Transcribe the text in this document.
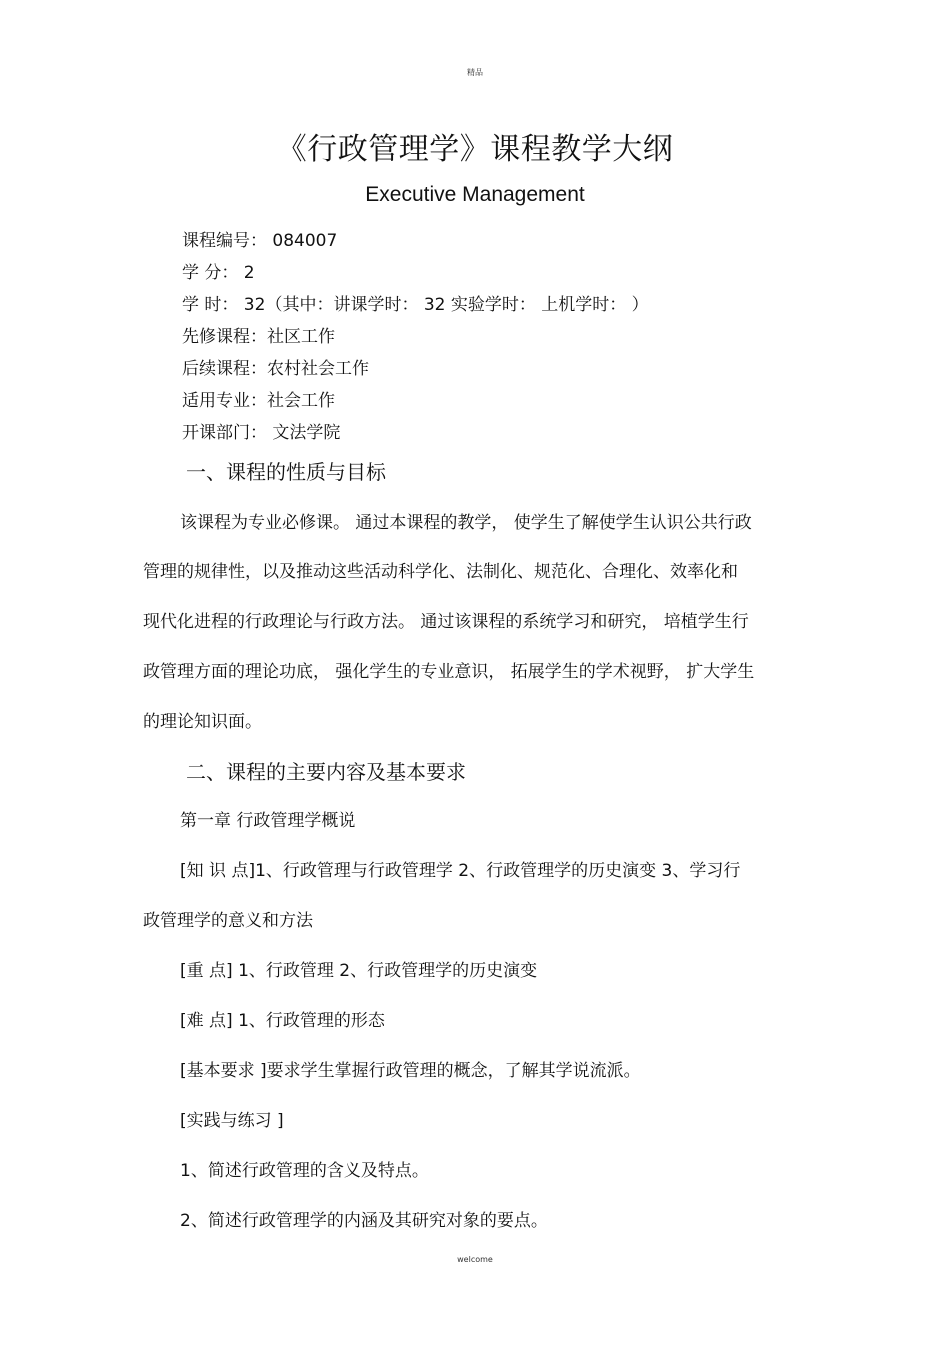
精品
《行政管理学》课程教学大纲
Executive Management
课程编号： 084007
学 分： 2
学 时： 32（其中：讲课学时： 32 实验学时： 上机学时： ）
先修课程：社区工作
后续课程：农村社会工作
适用专业：社会工作
开课部门： 文法学院
一、课程的性质与目标
该课程为专业必修课。 通过本课程的教学， 使学生了解使学生认识公共行政
管理的规律性，以及推动这些活动科学化、法制化、规范化、合理化、效率化和
现代化进程的行政理论与行政方法。 通过该课程的系统学习和研究， 培植学生行
政管理方面的理论功底， 强化学生的专业意识， 拓展学生的学术视野， 扩大学生
的理论知识面。
二、课程的主要内容及基本要求
第一章 行政管理学概说
[知 识 点]1、行政管理与行政管理学 2、行政管理学的历史演变 3、学习行
政管理学的意义和方法
[重 点] 1、行政管理 2、行政管理学的历史演变
[难 点] 1、行政管理的形态
[基本要求 ]要求学生掌握行政管理的概念，了解其学说流派。
[实践与练习 ]
1、简述行政管理的含义及特点。
2、简述行政管理学的内涵及其研究对象的要点。
welcome
